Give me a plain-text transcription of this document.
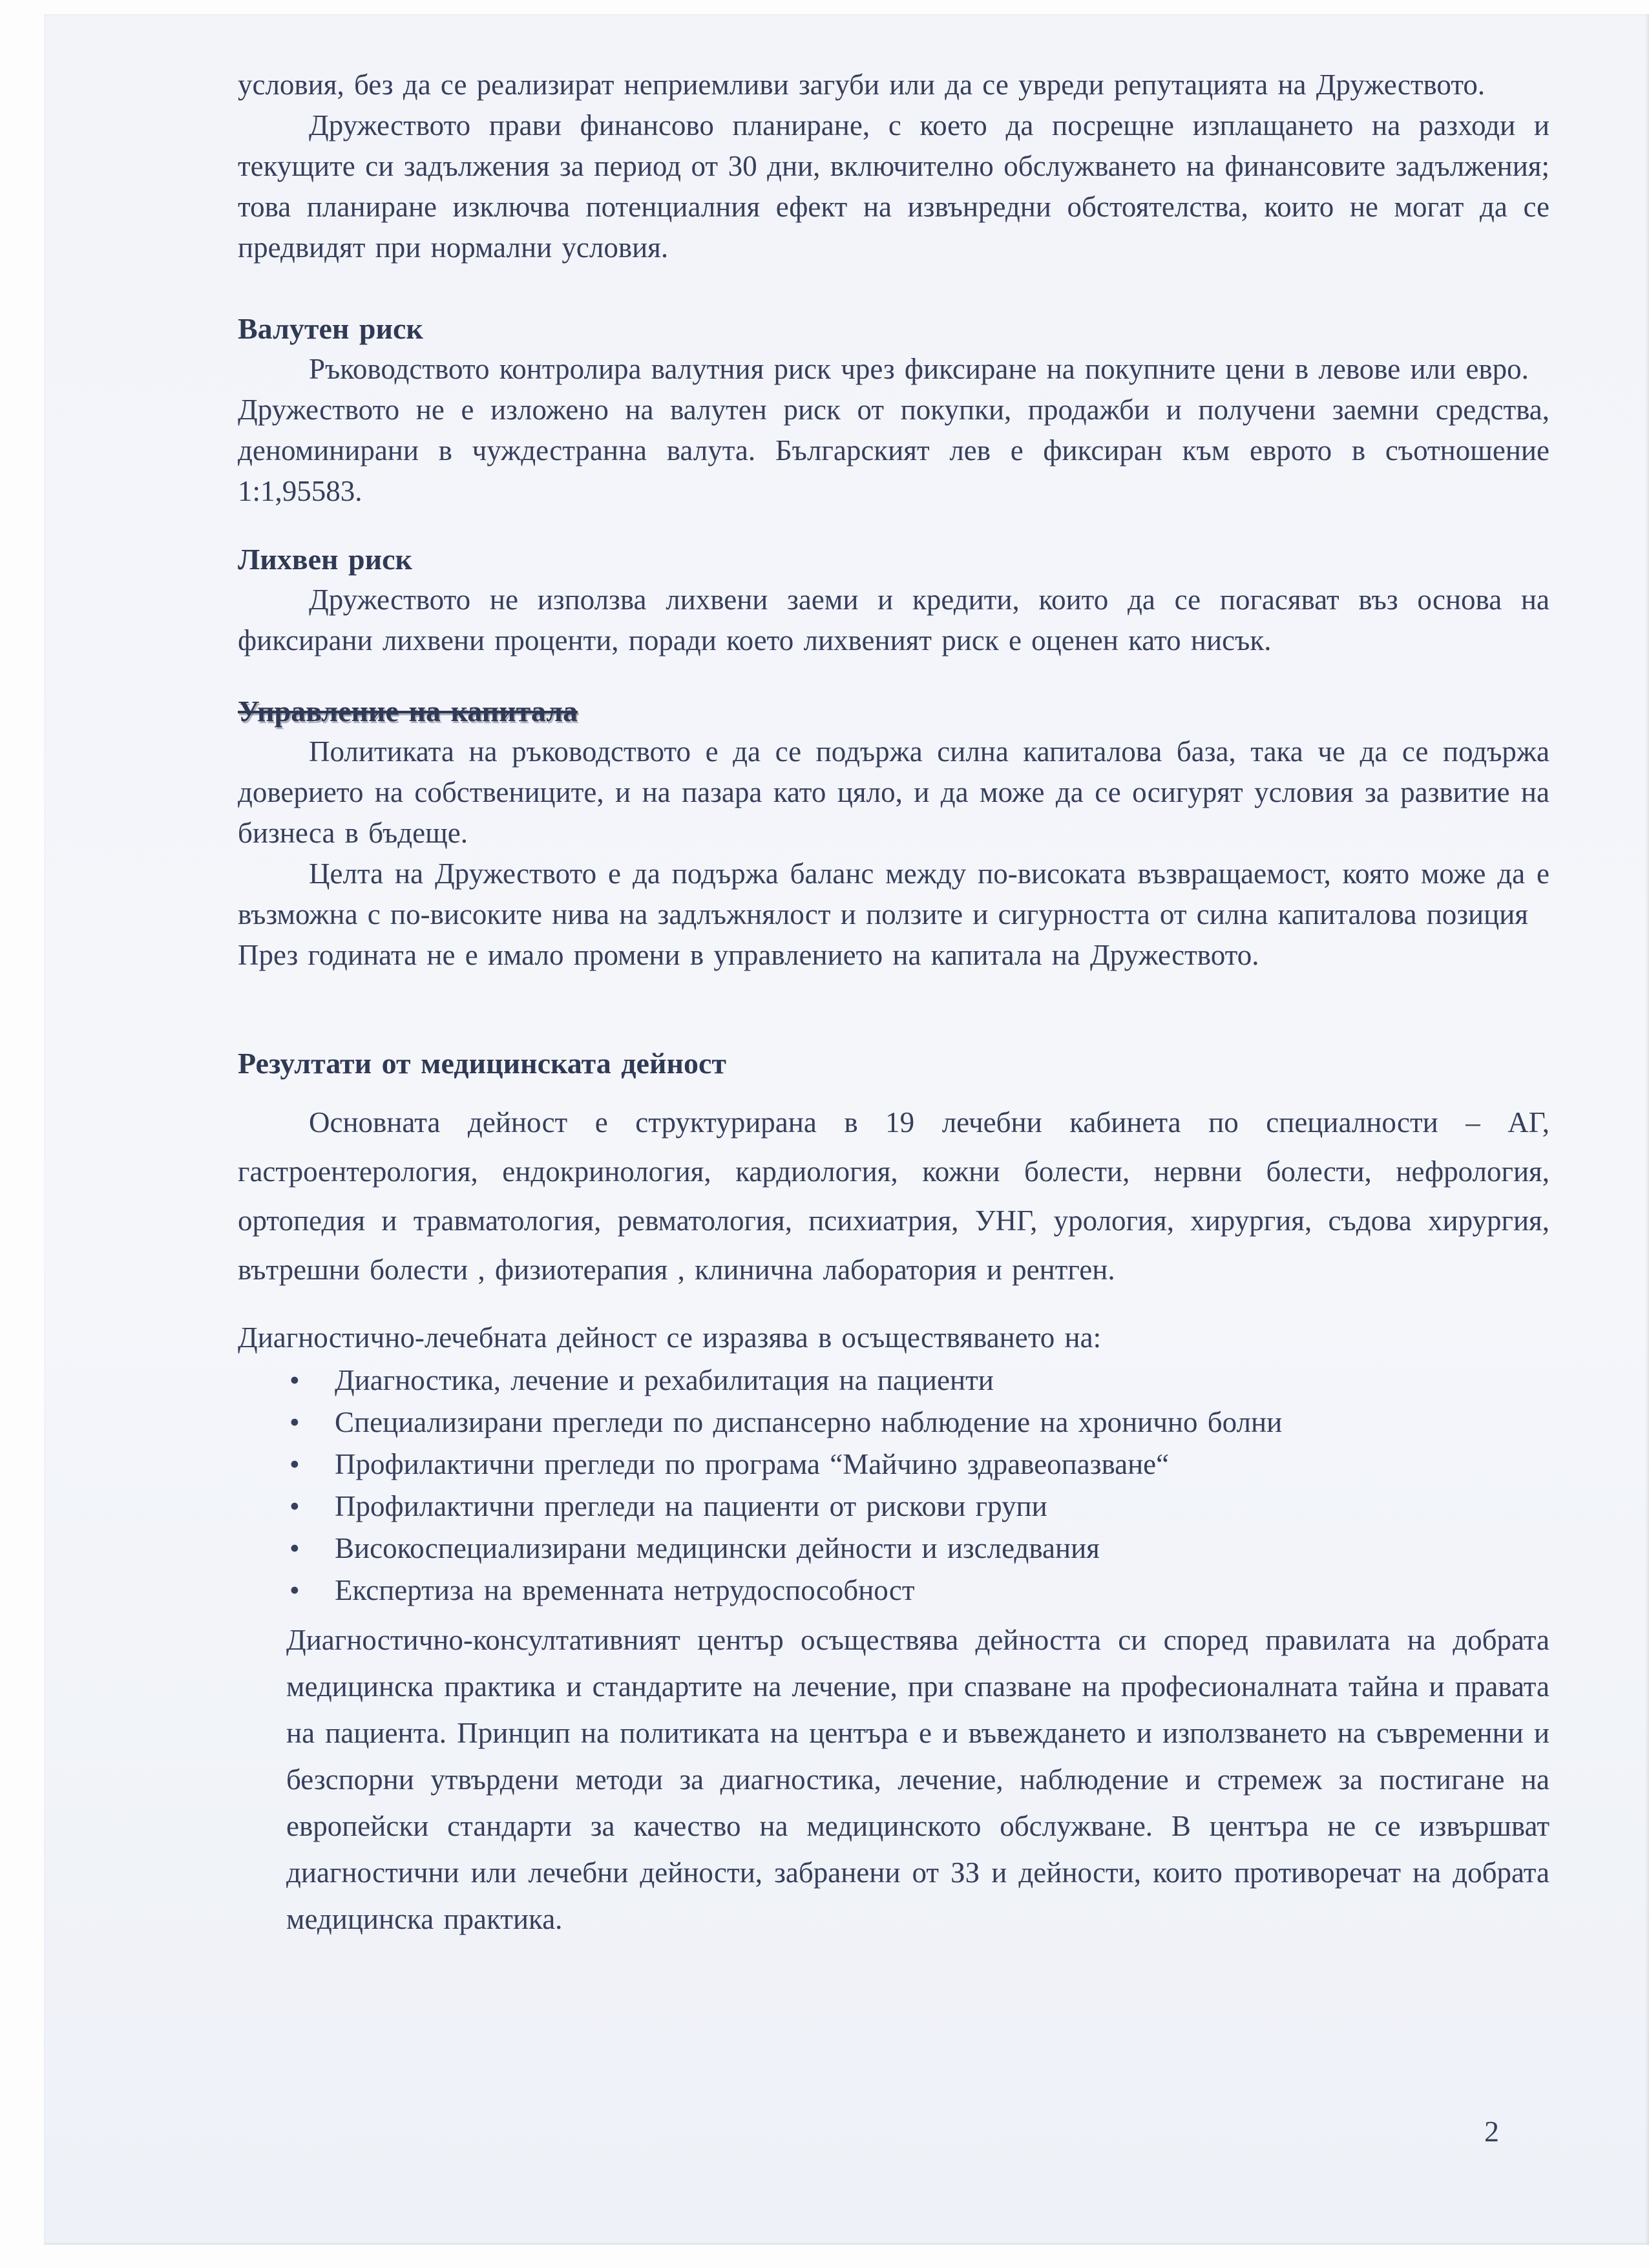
условия, без да се реализират неприемливи загуби или да се увреди репутацията на Дружеството.

Дружеството прави финансово планиране, с което да посрещне изплащането на разходи и текущите си задължения за период от 30 дни, включително обслужването на финансовите задължения; това планиране изключва потенциалния ефект на извънредни обстоятелства, които не могат да се предвидят при нормални условия.

Валутен риск

Ръководството контролира валутния риск чрез фиксиране на покупните цени в левове или евро.

Дружеството не е изложено на валутен риск от покупки, продажби и получени заемни средства, деноминирани в чуждестранна валута. Българският лев е фиксиран към еврото в съотношение 1:1,95583.

Лихвен риск

Дружеството не използва лихвени заеми и кредити, които да се погасяват въз основа на фиксирани лихвени проценти, поради което лихвеният риск е оценен като нисък.

Управление на капитала

Политиката на ръководството е да се подържа силна капиталова база, така че да се подържа доверието на собствениците, и на пазара като цяло, и да може да се осигурят условия за развитие на бизнеса в бъдеще.

Целта на Дружеството е да подържа баланс между по-високата възвращаемост, която може да е възможна с по-високите нива на задлъжнялост и ползите и сигурността от силна капиталова позиция

През годината не е имало промени в управлението на капитала на Дружеството.

Резултати от медицинската дейност

Основната дейност е структурирана в 19 лечебни кабинета по специалности – АГ, гастроентерология, ендокринология, кардиология, кожни болести, нервни болести, нефрология, ортопедия и травматология, ревматология, психиатрия, УНГ, урология, хирургия, съдова хирургия, вътрешни болести , физиотерапия , клинична лаборатория и рентген.

Диагностично-лечебната дейност се изразява в осъществяването на:

• Диагностика, лечение и рехабилитация на пациенти
• Специализирани прегледи по диспансерно наблюдение на хронично болни
• Профилактични прегледи по програма “Майчино здравеопазване“
• Профилактични прегледи на пациенти от рискови групи
• Високоспециализирани медицински дейности и изследвания
• Експертиза на временната нетрудоспособност

Диагностично-консултативният център осъществява дейността си според правилата на добрата медицинска практика и стандартите на лечение, при спазване на професионалната тайна и правата на пациента. Принцип на политиката на центъра е и въвеждането и използването на съвременни и безспорни утвърдени методи за диагностика, лечение, наблюдение и стремеж за постигане на европейски стандарти за качество на медицинското обслужване. В центъра не се извършват диагностични или лечебни дейности, забранени от ЗЗ и дейности, които противоречат на добрата медицинска практика.

2
